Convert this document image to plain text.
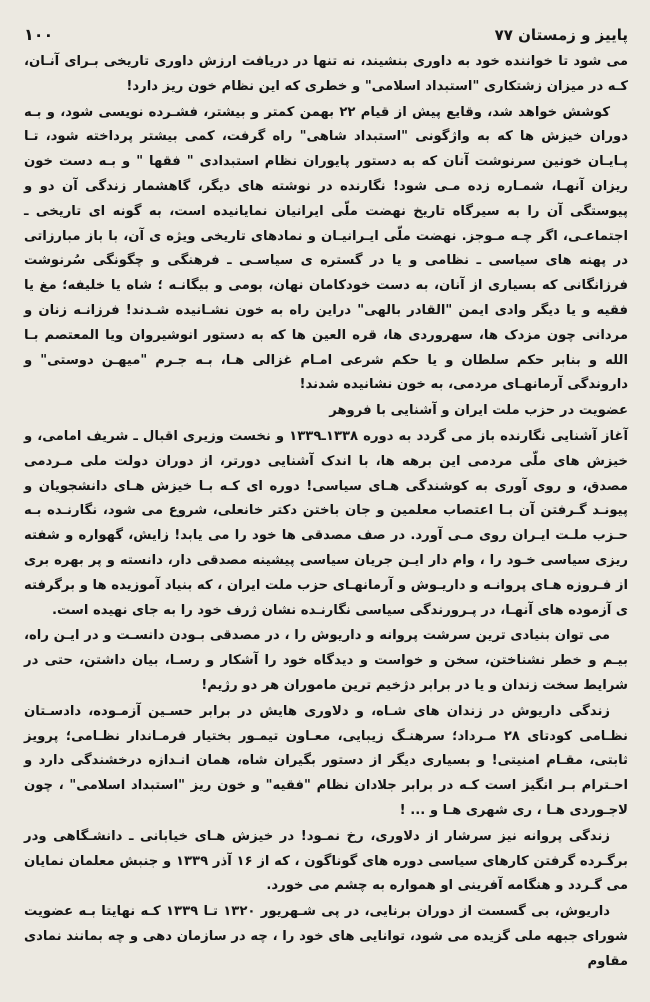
پاییز و زمستان ۷۷
۱۰۰

می شود تا خواننده خود به داوری بنشیند، نه تنها در دریافت ارزش داوری تاریخی بـرای آنـان، کـه در میزان زشتکاری "استبداد اسلامی" و خطری که این نظام خون ریز دارد!

کوشش خواهد شد، وقایع پیش از قیام ۲۲ بهمن کمتر و بیشتر، فشـرده نویسی شود، و بـه دوران خیزش ها که به واژگونی "استبداد شاهی" راه گرفت، کمی بیشتر پرداخته شود، تـا پـایـان خونین سرنوشت آنان که به دستور پایوران نظام استبدادی " فقها " و بـه دست خون ریزان آنهـا، شمـاره زده مـی شود! نگارنده در نوشته های دیگر، گاهشمار زندگی آن دو و پیوستگی آن را به سیرگاه تاریخ نهضت ملّی ایرانیان نمایانیده است، به گونه ای تاریخی ـ اجتماعـی، اگر چـه مـوجز. نهضت ملّی ایـرانیـان و نمادهای تاریخی ویژه ی آن، با باز مبارزاتی در پهنه های سیاسی ـ نظامی و یا در گستره ی سیاسـی ـ فرهنگی و چگونگی سُرنوشت فرزانگانی که بسیاری از آنان، به دست خودکامان نهان، بومی و بیگانـه ؛ شاه یا خلیفه؛ مغ یا فقیه و یا دیگر وادی ایمن "القادر بالهی" دراین راه به خون نشـانیده شـدند! فرزانـه زنان و مردانی چون مزدک ها، سهروردی ها، قره العین ها که به دستور انوشیروان ویا المعتصم بـا الله و بنابر حکم سلطان و یا حکم شرعی امـام غزالی هـا، بـه جـرم "میهـن دوستی" و داروندگی آرمانهـای مردمی، به خون نشانیده شدند!

عضویت در حزب ملت ایران و آشنایی با فروهر

آغاز آشنایی نگارنده باز می گردد به دوره ۱۳۳۸ـ۱۳۳۹ و نخست وزیری اقبال ـ شریف امامی، و خیزش های ملّی مردمی این برهه ها، با اندک آشنایی دورتر، از دوران دولت ملی مـردمی مصدق، و روی آوری به کوشندگی هـای سیاسی! دوره ای کـه بـا خیزش هـای دانشجویان و پیونـد گـرفتن آن بـا اعتصاب معلمین و جان باختن دکتر خانعلی، شروع می شود، نگارنـده بـه حـزب ملـت ایـران روی مـی آورد. در صف مصدقی ها خود را می یابد! زایش، گهواره و شفته ریزی سیاسی خـود را ، وام دار ایـن جریان سیاسی پیشینه مصدقی دار، دانسته و پر بهره بری از فـروزه هـای پروانـه و داریـوش و آرمانهـای حزب ملت ایران ، که بنیاد آموزیده ها و برگرفته ی آزموده های آنهـا، در پـرورندگی سیاسی نگارنـده نشان ژرف خود را به جای نهیده است.

می توان بنیادی ترین سرشت پروانه و داریوش را ، در مصدقی بـودن دانسـت و در ایـن راه، بیـم و خطر نشناختن، سخن و خواست و دیدگاه خود را آشکار و رسـا، بیان داشتن، حتی در شرایط سخت زندان و یا در برابر دژخیم ترین ماموران هر دو رژیم!

زندگی داریوش در زندان های شـاه، و دلاوری هایش در برابر حسـین آزمـوده، دادسـتان نظـامی کودتای ۲۸ مـرداد؛ سرهنـگ زیبایی، معـاون تیمـور بختیار فرمـاندار نظـامی؛ پرویز ثابتی، مقـام امنیتی! و بسیاری دیگر از دستور بگیران شاه، همان انـدازه درخشندگی دارد و احـترام بـر انگیز است کـه در برابر جلادان نظام "فقیه" و خون ریز "استبداد اسلامی" ، چون لاجـوردی هـا ، ری شهری هـا و ... !

زندگی پروانه نیز سرشار از دلاوری، رخ نمـود! در خیزش هـای خیابانی ـ دانشـگاهی ودر برگـرده گرفتن کارهای سیاسی دوره های گوناگون ، که از ۱۶ آذر ۱۳۳۹ و جنبش معلمان نمایان می گـردد و هنگامه آفرینی او همواره به چشم می خورد.

داریوش، بی گسست از دوران برنایی، در پی شـهریور ۱۳۲۰ تـا ۱۳۳۹ کـه نهایتا بـه عضویت شورای جبهه ملی گزیده می شود، توانایی های خود را ، چه در سازمان دهی و چه بمانند نمادی مقاوم
